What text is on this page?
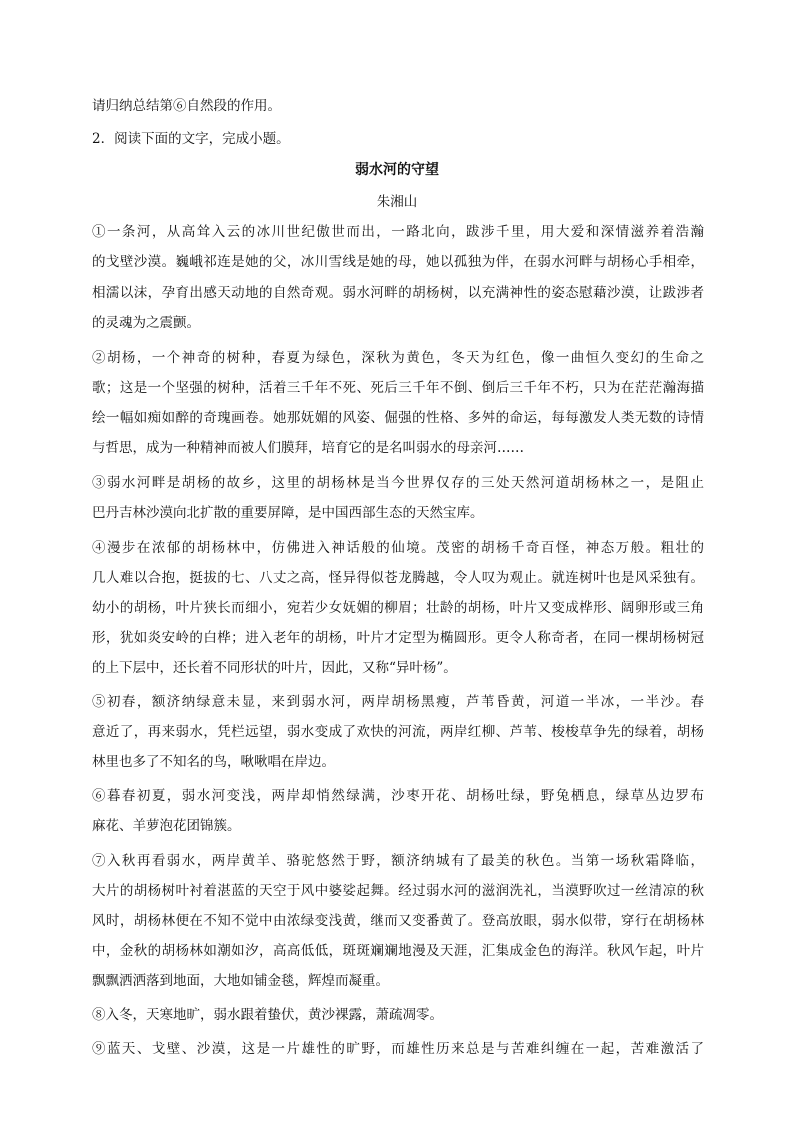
请归纳总结第⑥自然段的作用。
2．阅读下面的文字，完成小题。
弱水河的守望
朱湘山
①一条河，从高耸入云的冰川世纪傲世而出，一路北向，跋涉千里，用大爱和深情滋养着浩瀚
的戈壁沙漠。巍峨祁连是她的父，冰川雪线是她的母，她以孤独为伴，在弱水河畔与胡杨心手相牵，
相濡以沫，孕育出感天动地的自然奇观。弱水河畔的胡杨树，以充满神性的姿态慰藉沙漠，让跋涉者
的灵魂为之震颤。
②胡杨，一个神奇的树种，春夏为绿色，深秋为黄色，冬天为红色，像一曲恒久变幻的生命之
歌；这是一个坚强的树种，活着三千年不死、死后三千年不倒、倒后三千年不朽，只为在茫茫瀚海描
绘一幅如痴如醉的奇瑰画卷。她那妩媚的风姿、倔强的性格、多舛的命运，每每激发人类无数的诗情
与哲思，成为一种精神而被人们膜拜，培育它的是名叫弱水的母亲河……
③弱水河畔是胡杨的故乡，这里的胡杨林是当今世界仅存的三处天然河道胡杨林之一，是阻止
巴丹吉林沙漠向北扩散的重要屏障，是中国西部生态的天然宝库。
④漫步在浓郁的胡杨林中，仿佛进入神话般的仙境。茂密的胡杨千奇百怪，神态万般。粗壮的
几人难以合抱，挺拔的七、八丈之高，怪异得似苍龙腾越，令人叹为观止。就连树叶也是风采独有。
幼小的胡杨，叶片狭长而细小，宛若少女妩媚的柳眉；壮龄的胡杨，叶片又变成桦形、阔卵形或三角
形，犹如炎安岭的白桦；进入老年的胡杨，叶片才定型为椭圆形。更令人称奇者，在同一棵胡杨树冠
的上下层中，还长着不同形状的叶片，因此，又称“异叶杨”。
⑤初春，额济纳绿意未显，来到弱水河，两岸胡杨黑瘦，芦苇昏黄，河道一半冰，一半沙。春
意近了，再来弱水，凭栏远望，弱水变成了欢快的河流，两岸红柳、芦苇、梭梭草争先的绿着，胡杨
林里也多了不知名的鸟，啾啾唱在岸边。
⑥暮春初夏，弱水河变浅，两岸却悄然绿满，沙枣开花、胡杨吐绿，野兔栖息，绿草丛边罗布
麻花、羊萝泡花团锦簇。
⑦入秋再看弱水，两岸黄羊、骆驼悠然于野，额济纳城有了最美的秋色。当第一场秋霜降临，
大片的胡杨树叶衬着湛蓝的天空于风中婆娑起舞。经过弱水河的滋润洗礼，当漠野吹过一丝清凉的秋
风时，胡杨林便在不知不觉中由浓绿变浅黄，继而又变番黄了。登高放眼，弱水似带，穿行在胡杨林
中，金秋的胡杨林如潮如汐，高高低低，斑斑斓斓地漫及天涯，汇集成金色的海洋。秋风乍起，叶片
飘飘洒洒落到地面，大地如铺金毯，辉煌而凝重。
⑧入冬，天寒地旷，弱水跟着蛰伏，黄沙裸露，萧疏凋零。
⑨蓝天、戈壁、沙漠，这是一片雄性的旷野，而雄性历来总是与苦难纠缠在一起，苦难激活了
